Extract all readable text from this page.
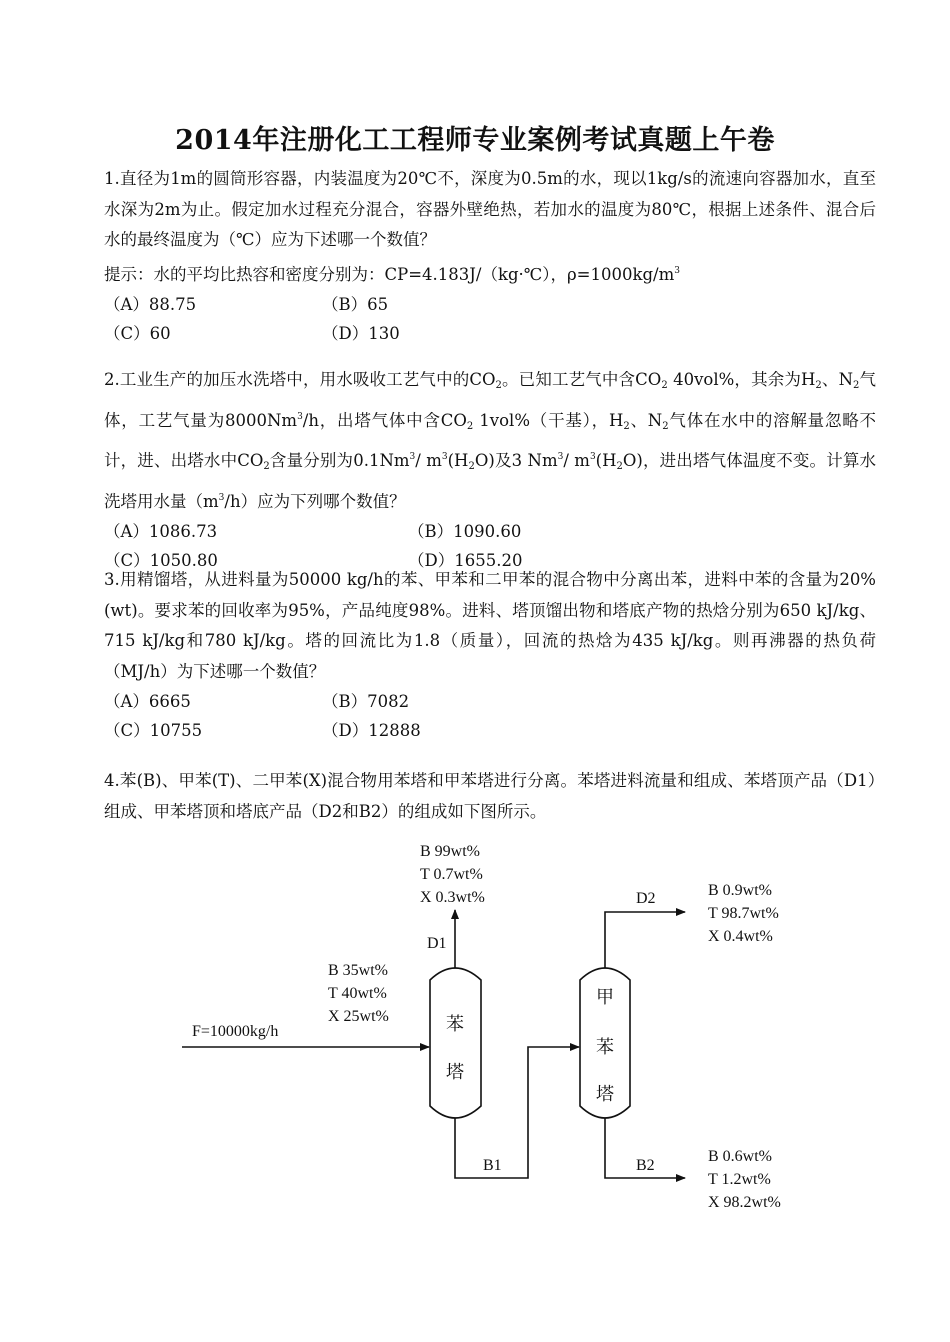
2014年注册化工工程师专业案例考试真题上午卷

1.直径为1m的圆筒形容器，内装温度为20℃不，深度为0.5m的水，现以1kg/s的流速向容器加水，直至水深为2m为止。假定加水过程充分混合，容器外壁绝热，若加水的温度为80℃，根据上述条件、混合后水的最终温度为（℃）应为下述哪一个数值？

提示：水的平均比热容和密度分别为：CP=4.183J/（kg·℃），$\rho=1000kg/m^3$

（A）88.75	（B）65
（C）60	（D）130

2.工业生产的加压水洗塔中，用水吸收工艺气中的$CO_2$。已知工艺气中含$CO_2$ 40vol%，其余为$H_2$、$N_2$气体，工艺气量为8000Nm$^3$/h，出塔气体中含$CO_2$ 1vol%（干基），$H_2$、$N_2$气体在水中的溶解量忽略不计，进、出塔水中$CO_2$含量分别为0.1Nm$^3$/ $m^3(H_2O)$及3 Nm$^3$/ $m^3(H_2O)$，进出塔气体温度不变。计算水洗塔用水量$(m^3/h)$应为下列哪个数值？

（A）1086.73	（B）1090.60
（C）1050.80	（D）1655.20

3.用精馏塔，从进料量为50000 kg/h的苯、甲苯和二甲苯的混合物中分离出苯，进料中苯的含量为20%(wt)。要求苯的回收率为95%，产品纯度98%。进料、塔顶馏出物和塔底产物的热焓分别为650 kJ/kg、715 kJ/kg和780 kJ/kg。塔的回流比为1.8（质量），回流的热焓为435 kJ/kg。则再沸器的热负荷（MJ/h）为下述哪一个数值？

（A）6665	（B）7082
（C）10755	（D）12888

4.苯(B)、甲苯(T)、二甲苯(X)混合物用苯塔和甲苯塔进行分离。苯塔进料流量和组成、苯塔顶产品（D1）组成、甲苯塔顶和塔底产品（D2和B2）的组成如下图所示。

B 99wt%
T 0.7wt%
X 0.3wt%
D1
B 35wt%
T 40wt%
X 25wt%
F=10000kg/h
B1
D2	B 0.9wt%
T 98.7wt%
X 0.4wt%
B2
B 0.6wt%
T 1.2wt%
X 98.2wt%
苯
塔
甲
苯
塔
